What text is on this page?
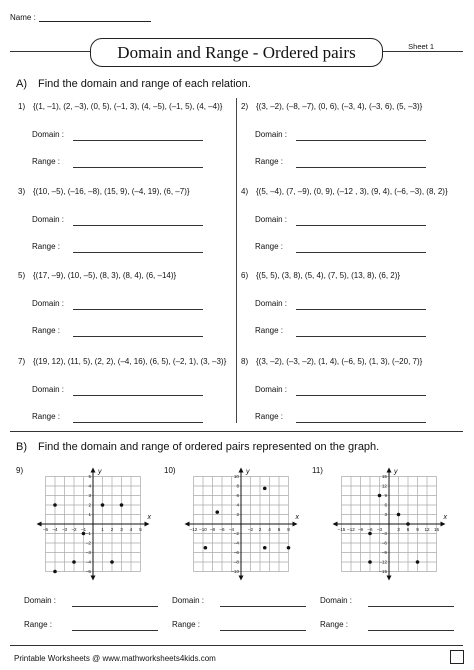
Name :
Domain and Range - Ordered pairs	Sheet 1
A) Find the domain and range of each relation.
1) {(1, –1), (2, –3), (0, 5), (–1, 3), (4, –5), (–1, 5), (4, –4)}
Domain :
Range :
2) {(3, –2), (–8, –7), (0, 6), (–3, 4), (–3, 6), (5, –3)}
Domain :
Range :
3) {(10, –5), (–16, –8), (15, 9), (–4, 19), (6, –7)}
Domain :
Range :
4) {(5, –4), (7, –9), (0, 9), (–12 , 3), (9, 4), (–6, –3), (8, 2)}
Domain :
Range :
5) {(17, –9), (10, –5), (8, 3), (8, 4), (6, –14)}
Domain :
Range :
6) {(5, 5), (3, 8), (5, 4), (7, 5), (13, 8), (6, 2)}
Domain :
Range :
7) {(19, 12), (11, 5), (2, 2), (–4, 16), (6, 5), (–2, 1), (3, –3)}
Domain :
Range :
8) {(3, –2), (–3, –2), (1, 4), (–6, 5), (1, 3), (–20, 7)}
Domain :
Range :
B) Find the domain and range of ordered pairs represented on the graph.
9)
–5 –4 –3 –2 –1	1 2 3 4 5
5
4
3
2
1
–1
–2
–3
–4
–5
x
y
Domain :
Range :
10)
–12 –10 –8 –6 –4	–2 2 4 6 8
10
8
6
4
2
–2
–4
–6
–8
–10
x
y
Domain :
Range :
11)
–15 –12 –9 –6 –3	3 6 9 12 15
15
12
9
6
3
–3
–6
–9
–12
–15
x
y
Domain :
Range :
Printable Worksheets @ www.mathworksheets4kids.com
